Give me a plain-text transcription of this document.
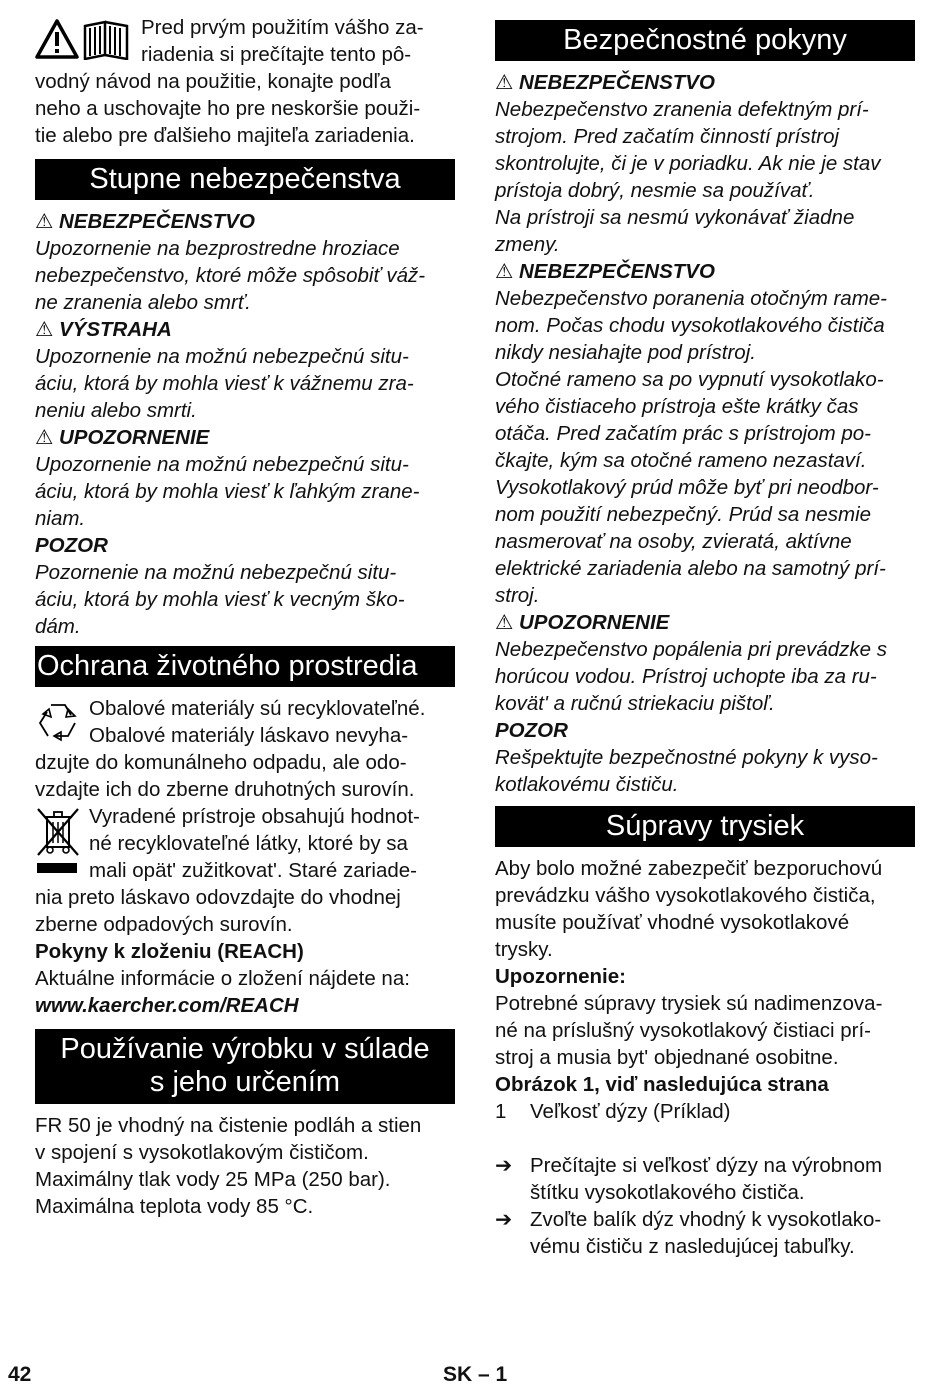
Pred prvým použitím vášho za-

riadenia si prečítajte tento pô-

vodný návod na použitie, konajte podľa

neho a uschovajte ho pre neskoršie použi-

tie alebo pre ďalšieho majiteľa zariadenia.

Stupne nebezpečenstva

⚠ NEBEZPEČENSTVO

Upozornenie na bezprostredne hroziace

nebezpečenstvo, ktoré môže spôsobiť váž-

ne zranenia alebo smrť.

⚠ VÝSTRAHA

Upozornenie na možnú nebezpečnú situ-

áciu, ktorá by mohla viesť k vážnemu zra-

neniu alebo smrti.

⚠ UPOZORNENIE

Upozornenie na možnú nebezpečnú situ-

áciu, ktorá by mohla viesť k ľahkým zrane-

niam.

POZOR

Pozornenie na možnú nebezpečnú situ-

áciu, ktorá by mohla viesť k vecným ško-

dám.

Ochrana životného prostredia

Obalové materiály sú recyklovateľné.

Obalové materiály láskavo nevyha-

dzujte do komunálneho odpadu, ale odo-

vzdajte ich do zberne druhotných surovín.

Vyradené prístroje obsahujú hodnot-

né recyklovateľné látky, ktoré by sa

mali opät' zužitkovat'. Staré zariade-

nia preto láskavo odovzdajte do vhodnej

zberne odpadových surovín.

Pokyny k zloženiu (REACH)

Aktuálne informácie o zložení nájdete na:

www.kaercher.com/REACH

Používanie výrobku v súlade
s jeho určením

FR 50 je vhodný na čistenie podláh a stien

v spojení s vysokotlakovým čističom.

Maximálny tlak vody 25 MPa (250 bar).

Maximálna teplota vody 85 °C.

Bezpečnostné pokyny

⚠ NEBEZPEČENSTVO

Nebezpečenstvo zranenia defektným prí-

strojom. Pred začatím činností prístroj

skontrolujte, či je v poriadku. Ak nie je stav

prístoja dobrý, nesmie sa používať.

Na prístroji sa nesmú vykonávať žiadne

zmeny.

⚠ NEBEZPEČENSTVO

Nebezpečenstvo poranenia otočným rame-

nom. Počas chodu vysokotlakového čističa

nikdy nesiahajte pod prístroj.

Otočné rameno sa po vypnutí vysokotlako-

vého čistiaceho prístroja ešte krátky čas

otáča. Pred začatím prác s prístrojom po-

čkajte, kým sa otočné rameno nezastaví.

Vysokotlakový prúd môže byť pri neodbor-

nom použití nebezpečný. Prúd sa nesmie

nasmerovať na osoby, zvieratá, aktívne

elektrické zariadenia alebo na samotný prí-

stroj.

⚠ UPOZORNENIE

Nebezpečenstvo popálenia pri prevádzke s

horúcou vodou. Prístroj uchopte iba za ru-

kovät' a ručnú striekaciu pištoľ.

POZOR

Rešpektujte bezpečnostné pokyny k vyso-

kotlakovému čističu.

Súpravy trysiek

Aby bolo možné zabezpečiť bezporuchovú

prevádzku vášho vysokotlakového čističa,

musíte používať vhodné vysokotlakové

trysky.

Upozornenie:

Potrebné súpravy trysiek sú nadimenzova-

né na príslušný vysokotlakový čistiaci prí-

stroj a musia byt' objednané osobitne.

Obrázok 1, viď nasledujúca strana

1 Veľkosť dýzy (Príklad)

➔ Prečítajte si veľkosť dýzy na výrobnom

štítku vysokotlakového čističa.

➔ Zvoľte balík dýz vhodný k vysokotlako-

vému čističu z nasledujúcej tabuľky.

42	SK – 1
